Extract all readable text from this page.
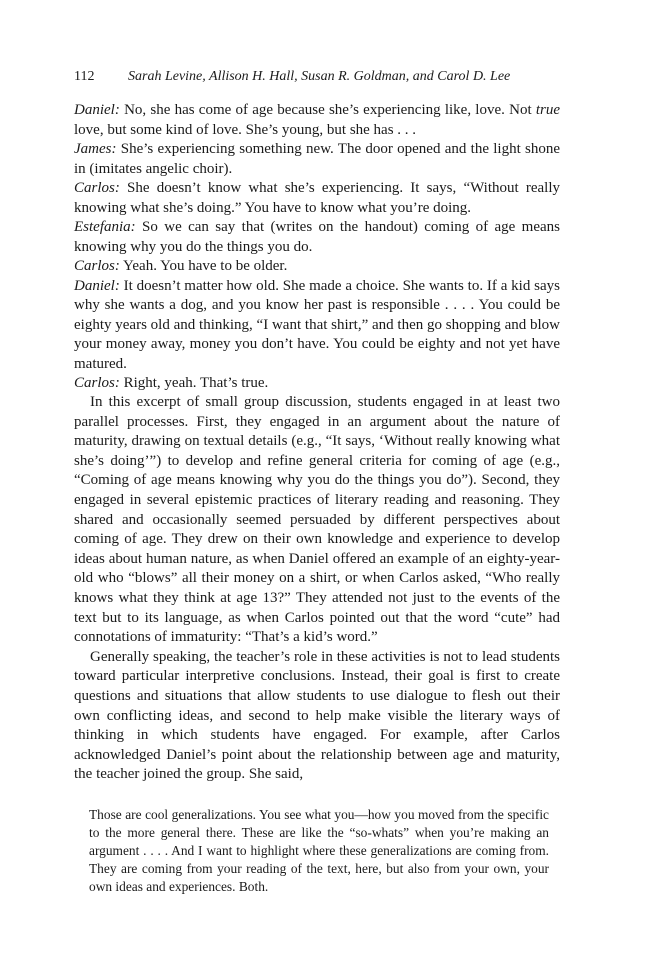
112 Sarah Levine, Allison H. Hall, Susan R. Goldman, and Carol D. Lee

Daniel: No, she has come of age because she’s experiencing like, love. Not true love, but some kind of love. She’s young, but she has . . .

James: She’s experiencing something new. The door opened and the light shone in (imitates angelic choir).

Carlos: She doesn’t know what she’s experiencing. It says, “Without really knowing what she’s doing.” You have to know what you’re doing.

Estefania: So we can say that (writes on the handout) coming of age means knowing why you do the things you do.

Carlos: Yeah. You have to be older.

Daniel: It doesn’t matter how old. She made a choice. She wants to. If a kid says why she wants a dog, and you know her past is responsible . . . . You could be eighty years old and thinking, “I want that shirt,” and then go shopping and blow your money away, money you don’t have. You could be eighty and not yet have matured.

Carlos: Right, yeah. That’s true.

In this excerpt of small group discussion, students engaged in at least two parallel processes. First, they engaged in an argument about the nature of maturity, drawing on textual details (e.g., “It says, ‘Without really knowing what she’s doing’”) to develop and refine general criteria for coming of age (e.g., “Coming of age means knowing why you do the things you do”). Second, they engaged in several epistemic practices of literary reading and reasoning. They shared and occasionally seemed persuaded by different perspectives about coming of age. They drew on their own knowledge and experience to develop ideas about human nature, as when Daniel offered an example of an eighty-year-old who “blows” all their money on a shirt, or when Carlos asked, “Who really knows what they think at age 13?” They attended not just to the events of the text but to its language, as when Carlos pointed out that the word “cute” had connotations of immaturity: “That’s a kid’s word.”

Generally speaking, the teacher’s role in these activities is not to lead students toward particular interpretive conclusions. Instead, their goal is first to create questions and situations that allow students to use dialogue to flesh out their own conflicting ideas, and second to help make visible the literary ways of thinking in which students have engaged. For example, after Carlos acknowledged Daniel’s point about the relationship between age and maturity, the teacher joined the group. She said,

Those are cool generalizations. You see what you—how you moved from the specific to the more general there. These are like the “so-whats” when you’re making an argument . . . . And I want to highlight where these generalizations are coming from. They are coming from your reading of the text, here, but also from your own, your own ideas and experiences. Both.
